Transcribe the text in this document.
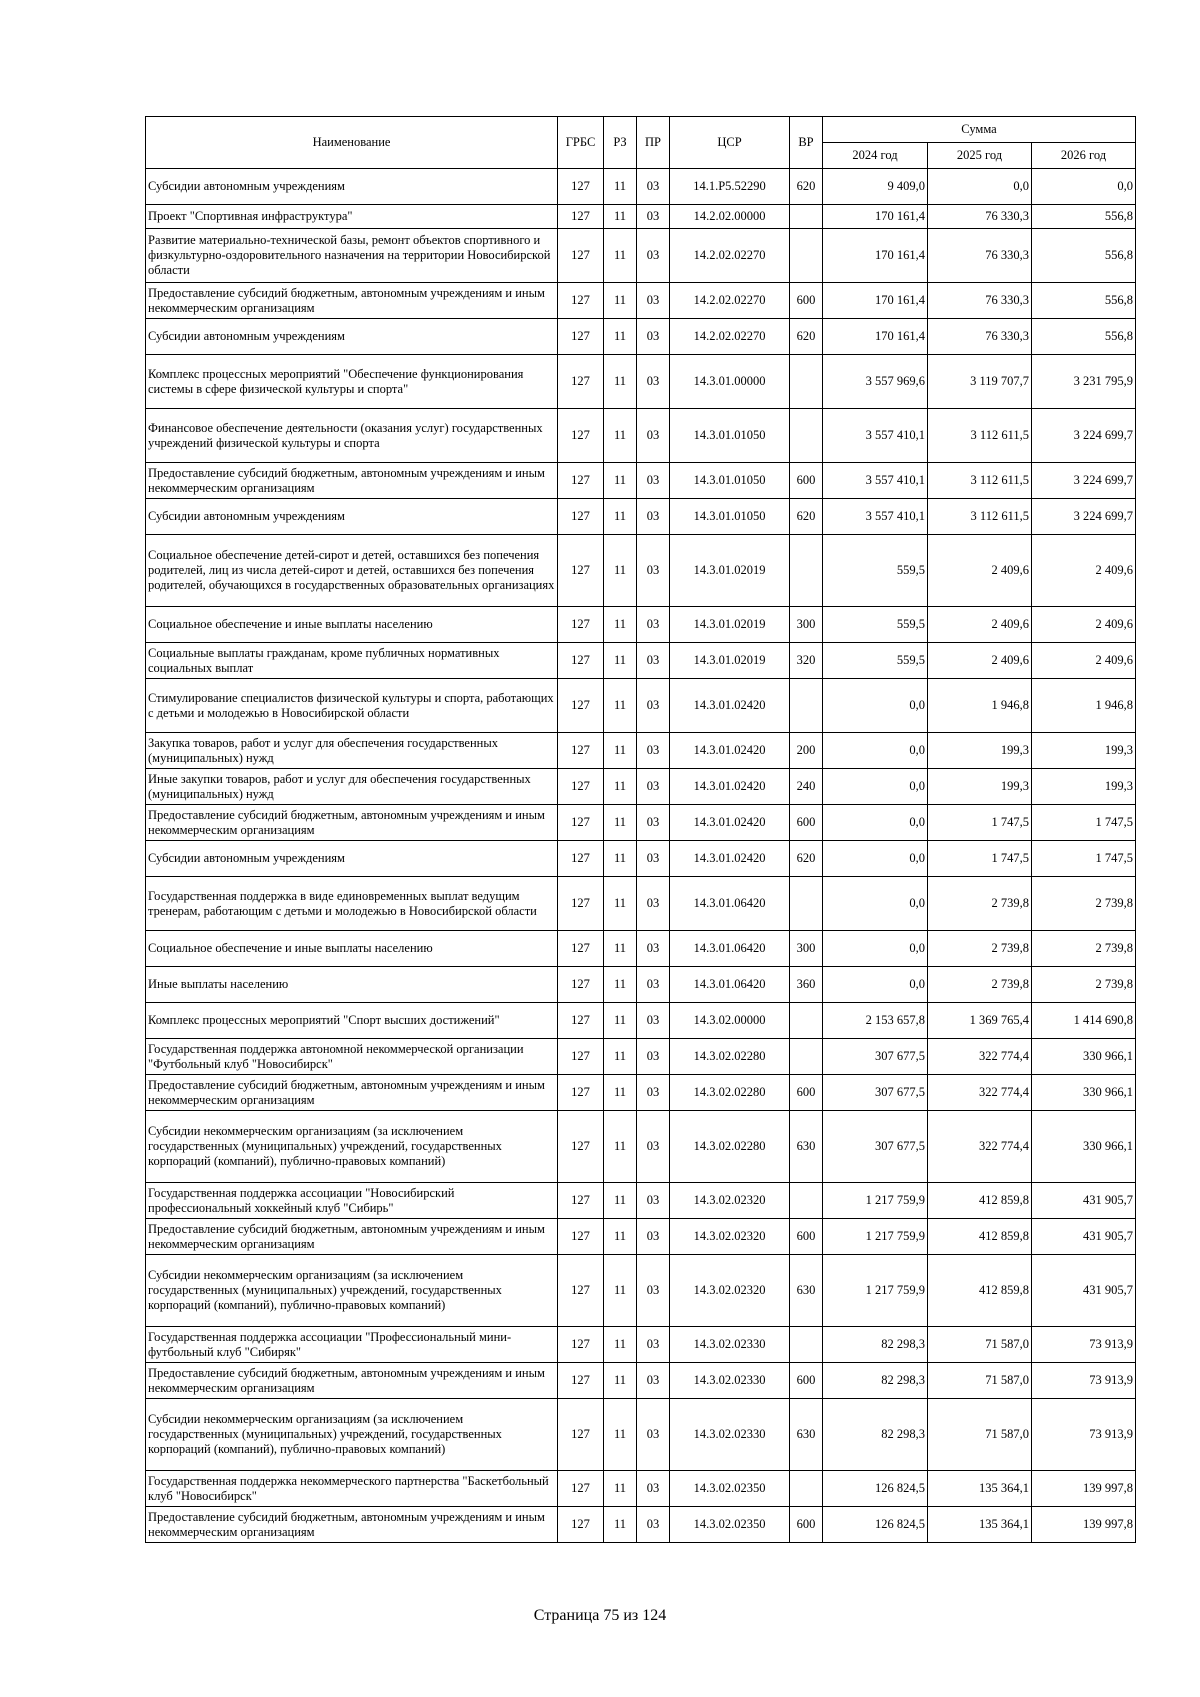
Наименование	ГРБС	РЗ	ПР	ЦСР	ВР	Сумма		
						2024 год	2025 год	2026 год
Субсидии автономным учреждениям	127	11	03	14.1.Р5.52290	620	9 409,0	0,0	0,0
Проект "Спортивная инфраструктура"	127	11	03	14.2.02.00000		170 161,4	76 330,3	556,8
Развитие материально-технической базы, ремонт объектов спортивного и физкультурно-оздоровительного назначения на территории Новосибирской области	127	11	03	14.2.02.02270		170 161,4	76 330,3	556,8
Предоставление субсидий бюджетным, автономным учреждениям и иным некоммерческим организациям	127	11	03	14.2.02.02270	600	170 161,4	76 330,3	556,8
Субсидии автономным учреждениям	127	11	03	14.2.02.02270	620	170 161,4	76 330,3	556,8
Комплекс процессных мероприятий "Обеспечение функционирования системы в сфере физической культуры и спорта"	127	11	03	14.3.01.00000		3 557 969,6	3 119 707,7	3 231 795,9
Финансовое обеспечение деятельности (оказания услуг) государственных учреждений физической культуры и спорта	127	11	03	14.3.01.01050		3 557 410,1	3 112 611,5	3 224 699,7
Предоставление субсидий бюджетным, автономным учреждениям и иным некоммерческим организациям	127	11	03	14.3.01.01050	600	3 557 410,1	3 112 611,5	3 224 699,7
Субсидии автономным учреждениям	127	11	03	14.3.01.01050	620	3 557 410,1	3 112 611,5	3 224 699,7
Социальное обеспечение детей-сирот и детей, оставшихся без попечения родителей, лиц из числа детей-сирот и детей, оставшихся без попечения родителей, обучающихся в государственных образовательных организациях	127	11	03	14.3.01.02019		559,5	2 409,6	2 409,6
Социальное обеспечение и иные выплаты населению	127	11	03	14.3.01.02019	300	559,5	2 409,6	2 409,6
Социальные выплаты гражданам, кроме публичных нормативных социальных выплат	127	11	03	14.3.01.02019	320	559,5	2 409,6	2 409,6
Стимулирование специалистов физической культуры и спорта, работающих с детьми и молодежью в Новосибирской области	127	11	03	14.3.01.02420		0,0	1 946,8	1 946,8
Закупка товаров, работ и услуг для обеспечения государственных (муниципальных) нужд	127	11	03	14.3.01.02420	200	0,0	199,3	199,3
Иные закупки товаров, работ и услуг для обеспечения государственных (муниципальных) нужд	127	11	03	14.3.01.02420	240	0,0	199,3	199,3
Предоставление субсидий бюджетным, автономным учреждениям и иным некоммерческим организациям	127	11	03	14.3.01.02420	600	0,0	1 747,5	1 747,5
Субсидии автономным учреждениям	127	11	03	14.3.01.02420	620	0,0	1 747,5	1 747,5
Государственная поддержка в виде единовременных выплат ведущим тренерам, работающим с детьми и молодежью в Новосибирской области	127	11	03	14.3.01.06420		0,0	2 739,8	2 739,8
Социальное обеспечение и иные выплаты населению	127	11	03	14.3.01.06420	300	0,0	2 739,8	2 739,8
Иные выплаты населению	127	11	03	14.3.01.06420	360	0,0	2 739,8	2 739,8
Комплекс процессных мероприятий "Спорт высших достижений"	127	11	03	14.3.02.00000		2 153 657,8	1 369 765,4	1 414 690,8
Государственная поддержка автономной некоммерческой организации "Футбольный клуб "Новосибирск"	127	11	03	14.3.02.02280		307 677,5	322 774,4	330 966,1
Предоставление субсидий бюджетным, автономным учреждениям и иным некоммерческим организациям	127	11	03	14.3.02.02280	600	307 677,5	322 774,4	330 966,1
Субсидии некоммерческим организациям (за исключением государственных (муниципальных) учреждений, государственных корпораций (компаний), публично-правовых компаний)	127	11	03	14.3.02.02280	630	307 677,5	322 774,4	330 966,1
Государственная поддержка ассоциации "Новосибирский профессиональный хоккейный клуб "Сибирь"	127	11	03	14.3.02.02320		1 217 759,9	412 859,8	431 905,7
Предоставление субсидий бюджетным, автономным учреждениям и иным некоммерческим организациям	127	11	03	14.3.02.02320	600	1 217 759,9	412 859,8	431 905,7
Субсидии некоммерческим организациям (за исключением государственных (муниципальных) учреждений, государственных корпораций (компаний), публично-правовых компаний)	127	11	03	14.3.02.02320	630	1 217 759,9	412 859,8	431 905,7
Государственная поддержка ассоциации "Профессиональный мини-футбольный клуб "Сибиряк"	127	11	03	14.3.02.02330		82 298,3	71 587,0	73 913,9
Предоставление субсидий бюджетным, автономным учреждениям и иным некоммерческим организациям	127	11	03	14.3.02.02330	600	82 298,3	71 587,0	73 913,9
Субсидии некоммерческим организациям (за исключением государственных (муниципальных) учреждений, государственных корпораций (компаний), публично-правовых компаний)	127	11	03	14.3.02.02330	630	82 298,3	71 587,0	73 913,9
Государственная поддержка некоммерческого партнерства "Баскетбольный клуб "Новосибирск"	127	11	03	14.3.02.02350		126 824,5	135 364,1	139 997,8
Предоставление субсидий бюджетным, автономным учреждениям и иным некоммерческим организациям	127	11	03	14.3.02.02350	600	126 824,5	135 364,1	139 997,8
Страница 75 из 124
